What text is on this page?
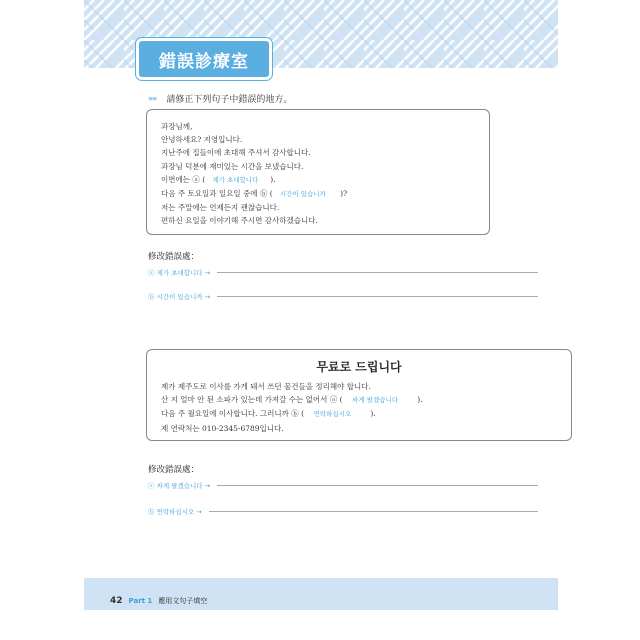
錯誤診療室
»» 請修正下列句子中錯誤的地方。
과장님께,
안녕하세요? 지영입니다.
지난주에 집들이에 초대해 주셔서 감사합니다.
과장님 덕분에 재미있는 시간을 보냈습니다.
이번에는 ⓐ ( 제가 초대합니다 ).
다음 주 토요일과 일요일 중에 ⓑ ( 시간이 있습니까 )?
저는 주말에는 언제든지 괜찮습니다.
편하신 요일을 이야기해 주시면 감사하겠습니다.
修改錯誤處：
ⓐ 제가 초대합니다 →
ⓑ 시간이 있습니까 →
무료로 드립니다
제가 제주도로 이사를 가게 돼서 쓰던 물건들을 정리해야 합니다.
산 지 얼마 안 된 소파가 있는데 가져갈 수는 없어서 ⓐ ( 싸게 팔겠습니다	).
다음 주 월요일에 이사합니다. 그러니까 ⓑ ( 연락하십시오	).
제 연락처는 010-2345-6789입니다.
修改錯誤處：
ⓐ 싸게 팔겠습니다 →
ⓑ 연락하십시오 →
42 Part 1 應用文句子填空
